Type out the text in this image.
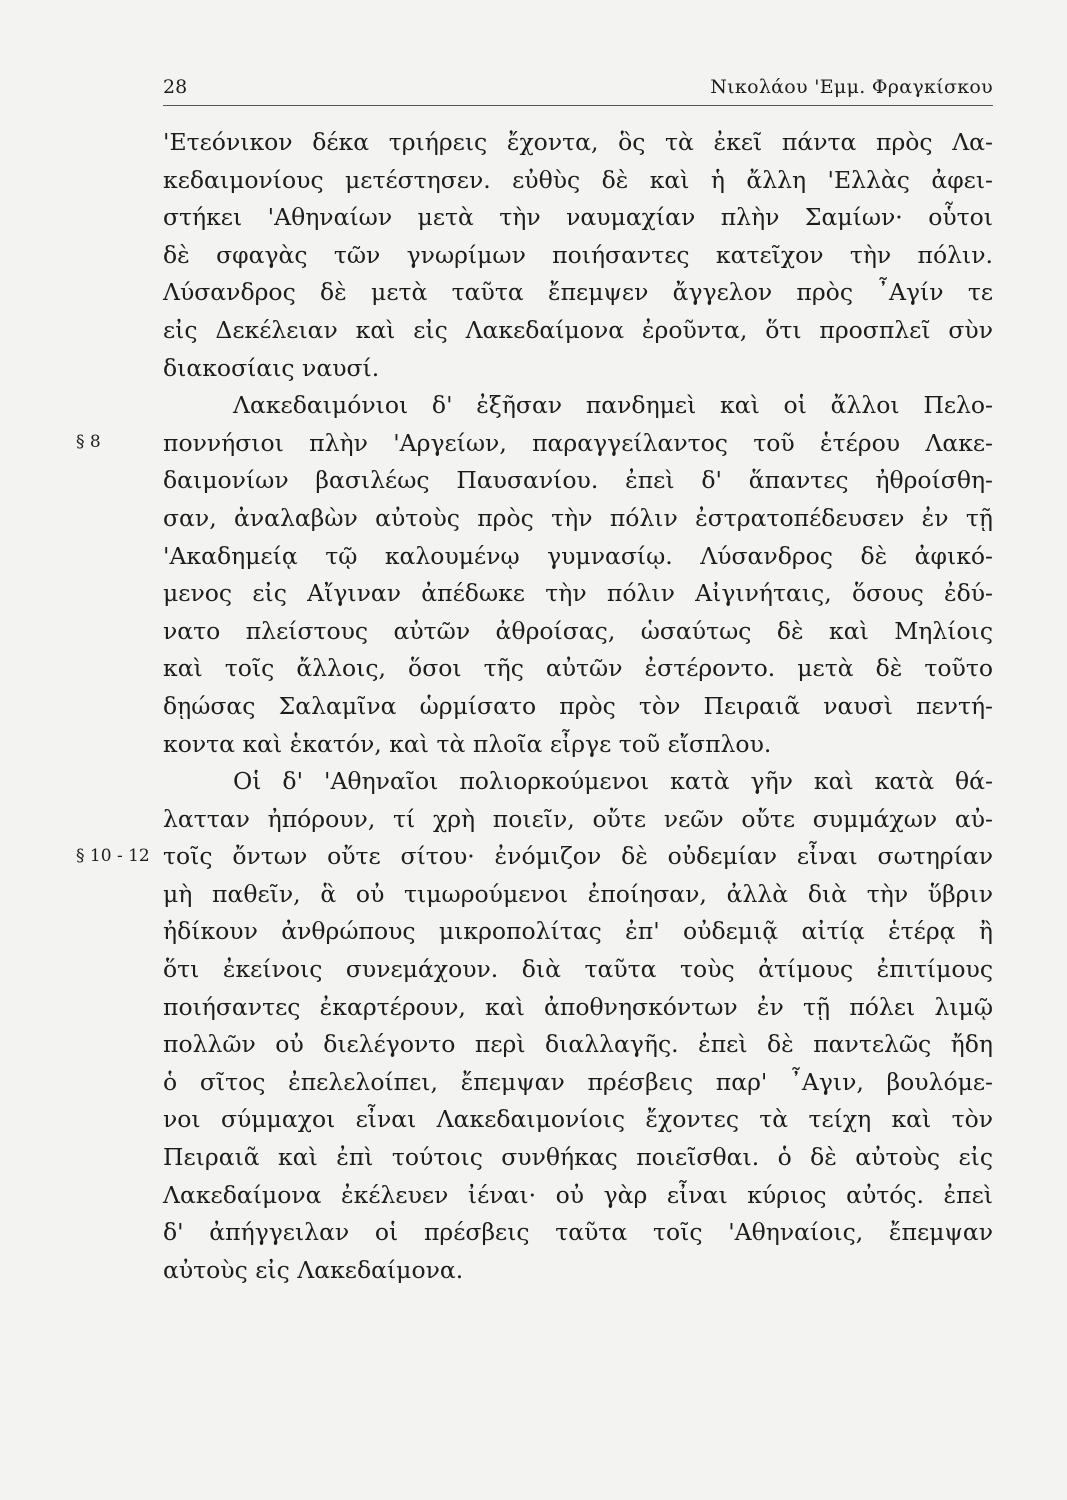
28	Νικολάου 'Εμμ. Φραγκίσκου
§ 8
§ 10 - 12
'Ετεόνικον δέκα τριήρεις ἔχοντα, ὃς τὰ ἐκεῖ πάντα πρὸς Λα-
κεδαιμονίους μετέστησεν. εὐθὺς δὲ καὶ ἡ ἄλλη 'Ελλὰς ἀφει-
στήκει 'Αθηναίων μετὰ τὴν ναυμαχίαν πλὴν Σαμίων· οὗτοι
δὲ σφαγὰς τῶν γνωρίμων ποιήσαντες κατεῖχον τὴν πόλιν.
Λύσανδρος δὲ μετὰ ταῦτα ἔπεμψεν ἄγγελον πρὸς ῏Αγίν τε
εἰς Δεκέλειαν καὶ εἰς Λακεδαίμονα ἐροῦντα, ὅτι προσπλεῖ σὺν
διακοσίαις ναυσί.
Λακεδαιμόνιοι δ' ἐξῆσαν πανδημεὶ καὶ οἱ ἄλλοι Πελο-
ποννήσιοι πλὴν 'Αργείων, παραγγείλαντος τοῦ ἑτέρου Λακε-
δαιμονίων βασιλέως Παυσανίου. ἐπεὶ δ' ἅπαντες ἠθροίσθη-
σαν, ἀναλαβὼν αὐτοὺς πρὸς τὴν πόλιν ἐστρατοπέδευσεν ἐν τῇ
'Ακαδημείᾳ τῷ καλουμένῳ γυμνασίῳ. Λύσανδρος δὲ ἀφικό-
μενος εἰς Αἴγιναν ἀπέδωκε τὴν πόλιν Αἰγινήταις, ὅσους ἐδύ-
νατο πλείστους αὐτῶν ἀθροίσας, ὡσαύτως δὲ καὶ Μηλίοις
καὶ τοῖς ἄλλοις, ὅσοι τῆς αὐτῶν ἐστέροντο. μετὰ δὲ τοῦτο
δῃώσας Σαλαμῖνα ὡρμίσατο πρὸς τὸν Πειραιᾶ ναυσὶ πεντή-
κοντα καὶ ἑκατόν, καὶ τὰ πλοῖα εἶργε τοῦ εἴσπλου.
Οἱ δ' 'Αθηναῖοι πολιορκούμενοι κατὰ γῆν καὶ κατὰ θά-
λατταν ἠπόρουν, τί χρὴ ποιεῖν, οὔτε νεῶν οὔτε συμμάχων αὐ-
τοῖς ὄντων οὔτε σίτου· ἐνόμιζον δὲ οὐδεμίαν εἶναι σωτηρίαν
μὴ παθεῖν, ἃ οὐ τιμωρούμενοι ἐποίησαν, ἀλλὰ διὰ τὴν ὕβριν
ἠδίκουν ἀνθρώπους μικροπολίτας ἐπ' οὐδεμιᾷ αἰτίᾳ ἑτέρᾳ ἢ
ὅτι ἐκείνοις συνεμάχουν. διὰ ταῦτα τοὺς ἀτίμους ἐπιτίμους
ποιήσαντες ἐκαρτέρουν, καὶ ἀποθνησκόντων ἐν τῇ πόλει λιμῷ
πολλῶν οὐ διελέγοντο περὶ διαλλαγῆς. ἐπεὶ δὲ παντελῶς ἤδη
ὁ σῖτος ἐπελελοίπει, ἔπεμψαν πρέσβεις παρ' ῏Αγιν, βουλόμε-
νοι σύμμαχοι εἶναι Λακεδαιμονίοις ἔχοντες τὰ τείχη καὶ τὸν
Πειραιᾶ καὶ ἐπὶ τούτοις συνθήκας ποιεῖσθαι. ὁ δὲ αὐτοὺς εἰς
Λακεδαίμονα ἐκέλευεν ἰέναι· οὐ γὰρ εἶναι κύριος αὐτός. ἐπεὶ
δ' ἀπήγγειλαν οἱ πρέσβεις ταῦτα τοῖς 'Αθηναίοις, ἔπεμψαν
αὐτοὺς εἰς Λακεδαίμονα.
